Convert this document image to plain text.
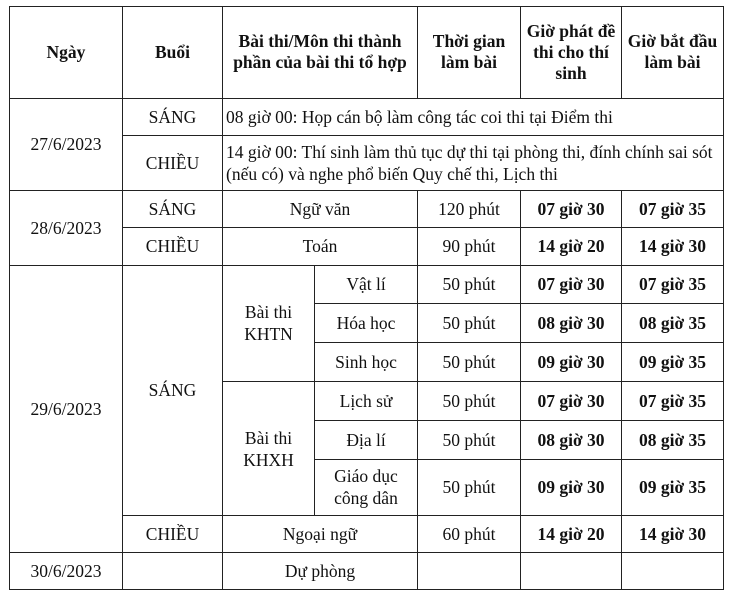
Ngày	Buổi	Bài thi/Môn thi thành phần của bài thi tổ hợp		Thời gian làm bài	Giờ phát đề thi cho thí sinh	Giờ bắt đầu làm bài
27/6/2023	SÁNG	08 giờ 00: Họp cán bộ làm công tác coi thi tại Điểm thi				
	CHIỀU	14 giờ 00: Thí sinh làm thủ tục dự thi tại phòng thi, đính chính sai sót (nếu có) và nghe phổ biến Quy chế thi, Lịch thi				
28/6/2023	SÁNG	Ngữ văn		120 phút	07 giờ 30	07 giờ 35
	CHIỀU	Toán		90 phút	14 giờ 20	14 giờ 30
29/6/2023	SÁNG	Bài thi KHTN	Vật lí	50 phút	07 giờ 30	07 giờ 35
			Hóa học	50 phút	08 giờ 30	08 giờ 35
			Sinh học	50 phút	09 giờ 30	09 giờ 35
		Bài thi KHXH	Lịch sử	50 phút	07 giờ 30	07 giờ 35
			Địa lí	50 phút	08 giờ 30	08 giờ 35
			Giáo dục công dân	50 phút	09 giờ 30	09 giờ 35
	CHIỀU	Ngoại ngữ		60 phút	14 giờ 20	14 giờ 30
30/6/2023		Dự phòng				
